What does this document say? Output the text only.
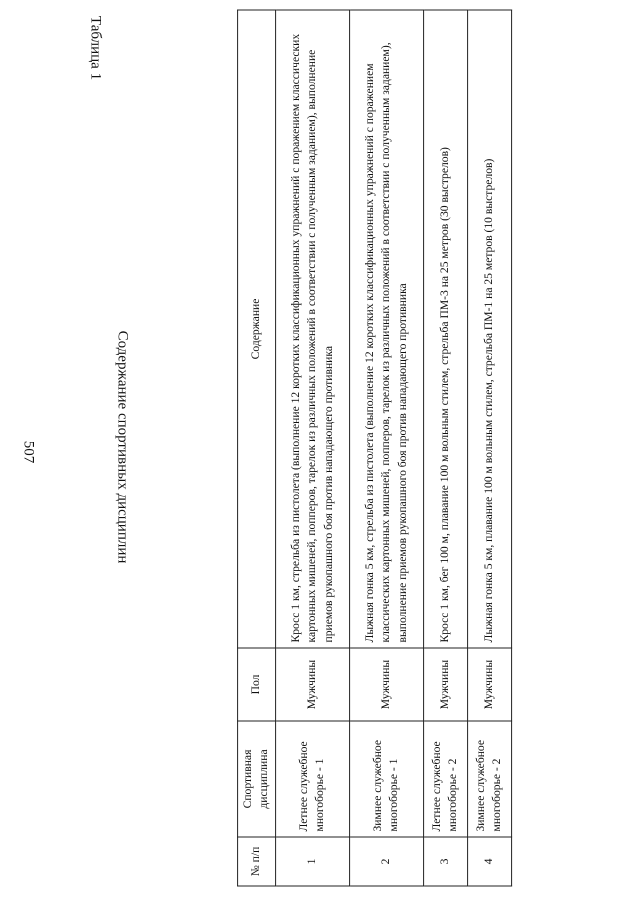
507
Таблица 1
Содержание спортивных дисциплин
№ п/п	Спортивная дисциплина	Пол	Содержание
1	Летнее служебное многоборье - 1	Мужчины	Кросс 1 км, стрельба из пистолета (выполнение 12 коротких классификационных упражнений с поражением классических картонных мишеней, попперов, тарелок из различных положений в соответствии с полученным заданием), выполнение приемов рукопашного боя против нападающего противника
2	Зимнее служебное многоборье - 1	Мужчины	Лыжная гонка 5 км, стрельба из пистолета (выполнение 12 коротких классификационных упражнений с поражением классических картонных мишеней, попперов, тарелок из различных положений в соответствии с полученным заданием), выполнение приемов рукопашного боя против нападающего противника
3	Летнее служебное многоборье - 2	Мужчины	Кросс 1 км, бег 100 м, плавание 100 м вольным стилем, стрельба ПМ-3 на 25 метров (30 выстрелов)
4	Зимнее служебное многоборье - 2	Мужчины	Лыжная гонка 5 км, плавание 100 м вольным стилем, стрельба ПМ-1 на 25 метров (10 выстрелов)
